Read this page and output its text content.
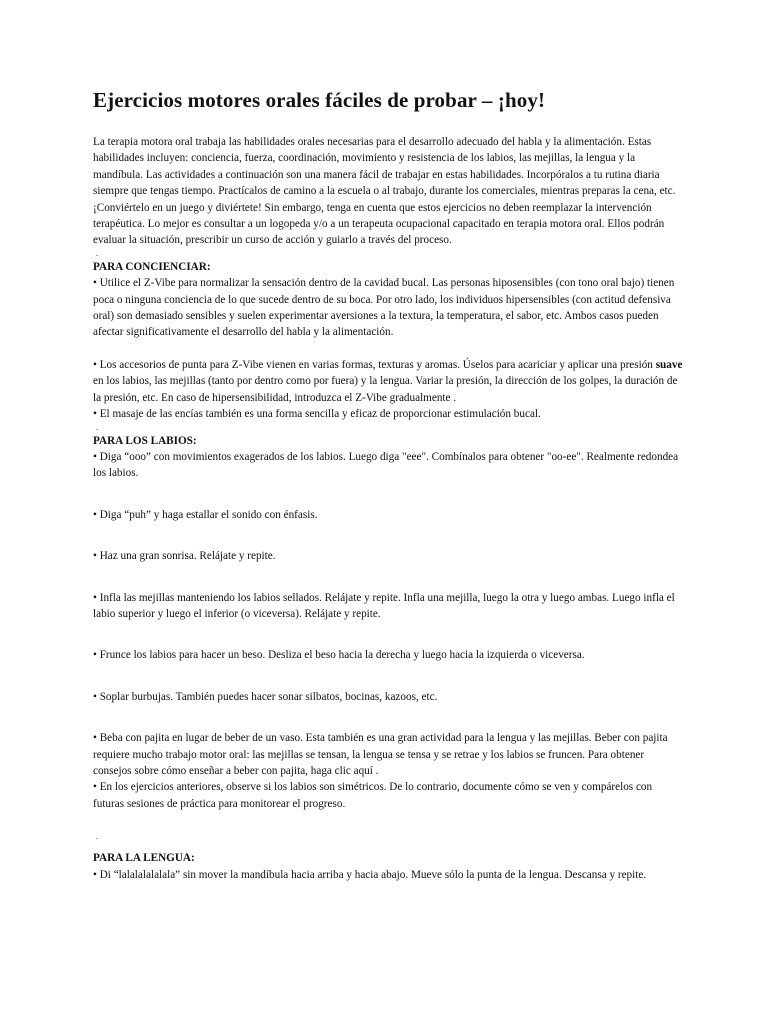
Ejercicios motores orales fáciles de probar – ¡hoy!

La terapia motora oral trabaja las habilidades orales necesarias para el desarrollo adecuado del habla y la alimentación. Estas habilidades incluyen: conciencia, fuerza, coordinación, movimiento y resistencia de los labios, las mejillas, la lengua y la mandíbula. Las actividades a continuación son una manera fácil de trabajar en estas habilidades. Incorpóralos a tu rutina diaria siempre que tengas tiempo. Practícalos de camino a la escuela o al trabajo, durante los comerciales, mientras preparas la cena, etc. ¡Conviértelo en un juego y diviértete! Sin embargo, tenga en cuenta que estos ejercicios no deben reemplazar la intervención terapéutica. Lo mejor es consultar a un logopeda y/o a un terapeuta ocupacional capacitado en terapia motora oral. Ellos podrán evaluar la situación, prescribir un curso de acción y guiarlo a través del proceso.

.
PARA CONCIENCIAR:

• Utilice el Z-Vibe para normalizar la sensación dentro de la cavidad bucal. Las personas hiposensibles (con tono oral bajo) tienen poca o ninguna conciencia de lo que sucede dentro de su boca. Por otro lado, los individuos hipersensibles (con actitud defensiva oral) son demasiado sensibles y suelen experimentar aversiones a la textura, la temperatura, el sabor, etc. Ambos casos pueden afectar significativamente el desarrollo del habla y la alimentación.

• Los accesorios de punta para Z-Vibe vienen en varias formas, texturas y aromas. Úselos para acariciar y aplicar una presión suave en los labios, las mejillas (tanto por dentro como por fuera) y la lengua. Variar la presión, la dirección de los golpes, la duración de la presión, etc. En caso de hipersensibilidad, introduzca el Z-Vibe gradualmente .

• El masaje de las encías también es una forma sencilla y eficaz de proporcionar estimulación bucal.

.
PARA LOS LABIOS:

• Diga “ooo” con movimientos exagerados de los labios. Luego diga "eee". Combínalos para obtener "oo-ee". Realmente redondea los labios.

• Diga “puh” y haga estallar el sonido con énfasis.

• Haz una gran sonrisa. Relájate y repite.

• Infla las mejillas manteniendo los labios sellados. Relájate y repite. Infla una mejilla, luego la otra y luego ambas. Luego infla el labio superior y luego el inferior (o viceversa). Relájate y repite.

• Frunce los labios para hacer un beso. Desliza el beso hacia la derecha y luego hacia la izquierda o viceversa.

• Soplar burbujas. También puedes hacer sonar silbatos, bocinas, kazoos, etc.

• Beba con pajita en lugar de beber de un vaso. Esta también es una gran actividad para la lengua y las mejillas. Beber con pajita requiere mucho trabajo motor oral: las mejillas se tensan, la lengua se tensa y se retrae y los labios se fruncen. Para obtener consejos sobre cómo enseñar a beber con pajita, haga clic aquí .

• En los ejercicios anteriores, observe si los labios son simétricos. De lo contrario, documente cómo se ven y compárelos con futuras sesiones de práctica para monitorear el progreso.

.
PARA LA LENGUA:

• Di “lalalalalalala” sin mover la mandíbula hacia arriba y hacia abajo. Mueve sólo la punta de la lengua. Descansa y repite.
